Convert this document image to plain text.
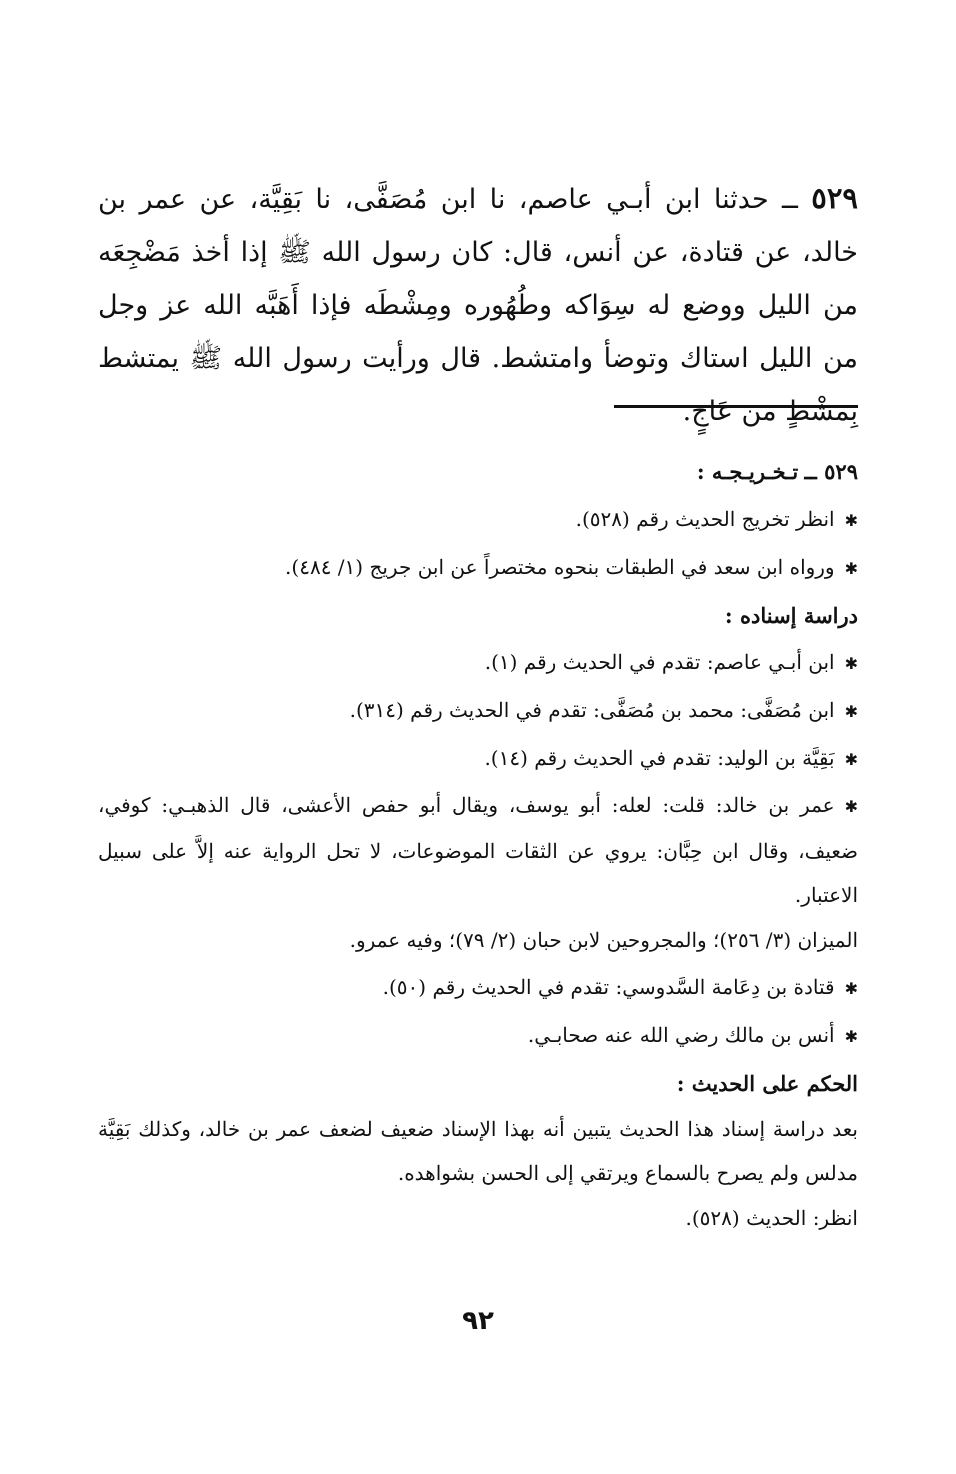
٥٢٩ ــ حدثنا ابن أبـي عاصم، نا ابن مُصَفَّى، نا بَقِيَّة، عن عمر بن خالد، عن قتادة، عن أنس، قال: كان رسول الله ﷺ إذا أخذ مَضْجِعَه من الليل ووضع له سِوَاكه وطُهُوره ومِشْطَه فإذا أَهَبَّه الله عز وجل من الليل استاك وتوضأ وامتشط. قال ورأيت رسول الله ﷺ يمتشط بِمشْطٍ من عَاجٍ.

٥٢٩ ــ تـخـريـجـه :

✱انظر تخريج الحديث رقم (٥٢٨).

✱ورواه ابن سعد في الطبقات بنحوه مختصراً عن ابن جريج (١/ ٤٨٤).

دراسة إسناده :

✱ابن أبـي عاصم: تقدم في الحديث رقم (١).

✱ابن مُصَفَّى: محمد بن مُصَفَّى: تقدم في الحديث رقم (٣١٤).

✱بَقِيَّة بن الوليد: تقدم في الحديث رقم (١٤).

✱عمر بن خالد: قلت: لعله: أبو يوسف، ويقال أبو حفص الأعشى، قال الذهبـي: كوفي، ضعيف، وقال ابن حِبَّان: يروي عن الثقات الموضوعات، لا تحل الرواية عنه إلاَّ على سبيل الاعتبار.

الميزان (٣/ ٢٥٦)؛ والمجروحين لابن حبان (٢/ ٧٩)؛ وفيه عمرو.

✱قتادة بن دِعَامة السَّدوسي: تقدم في الحديث رقم (٥٠).

✱أنس بن مالك رضي الله عنه صحابـي.

الحكم على الحديث :

بعد دراسة إسناد هذا الحديث يتبين أنه بهذا الإسناد ضعيف لضعف عمر بن خالد، وكذلك بَقِيَّة مدلس ولم يصرح بالسماع ويرتقي إلى الحسن بشواهده.

انظر: الحديث (٥٢٨).

٩٢
